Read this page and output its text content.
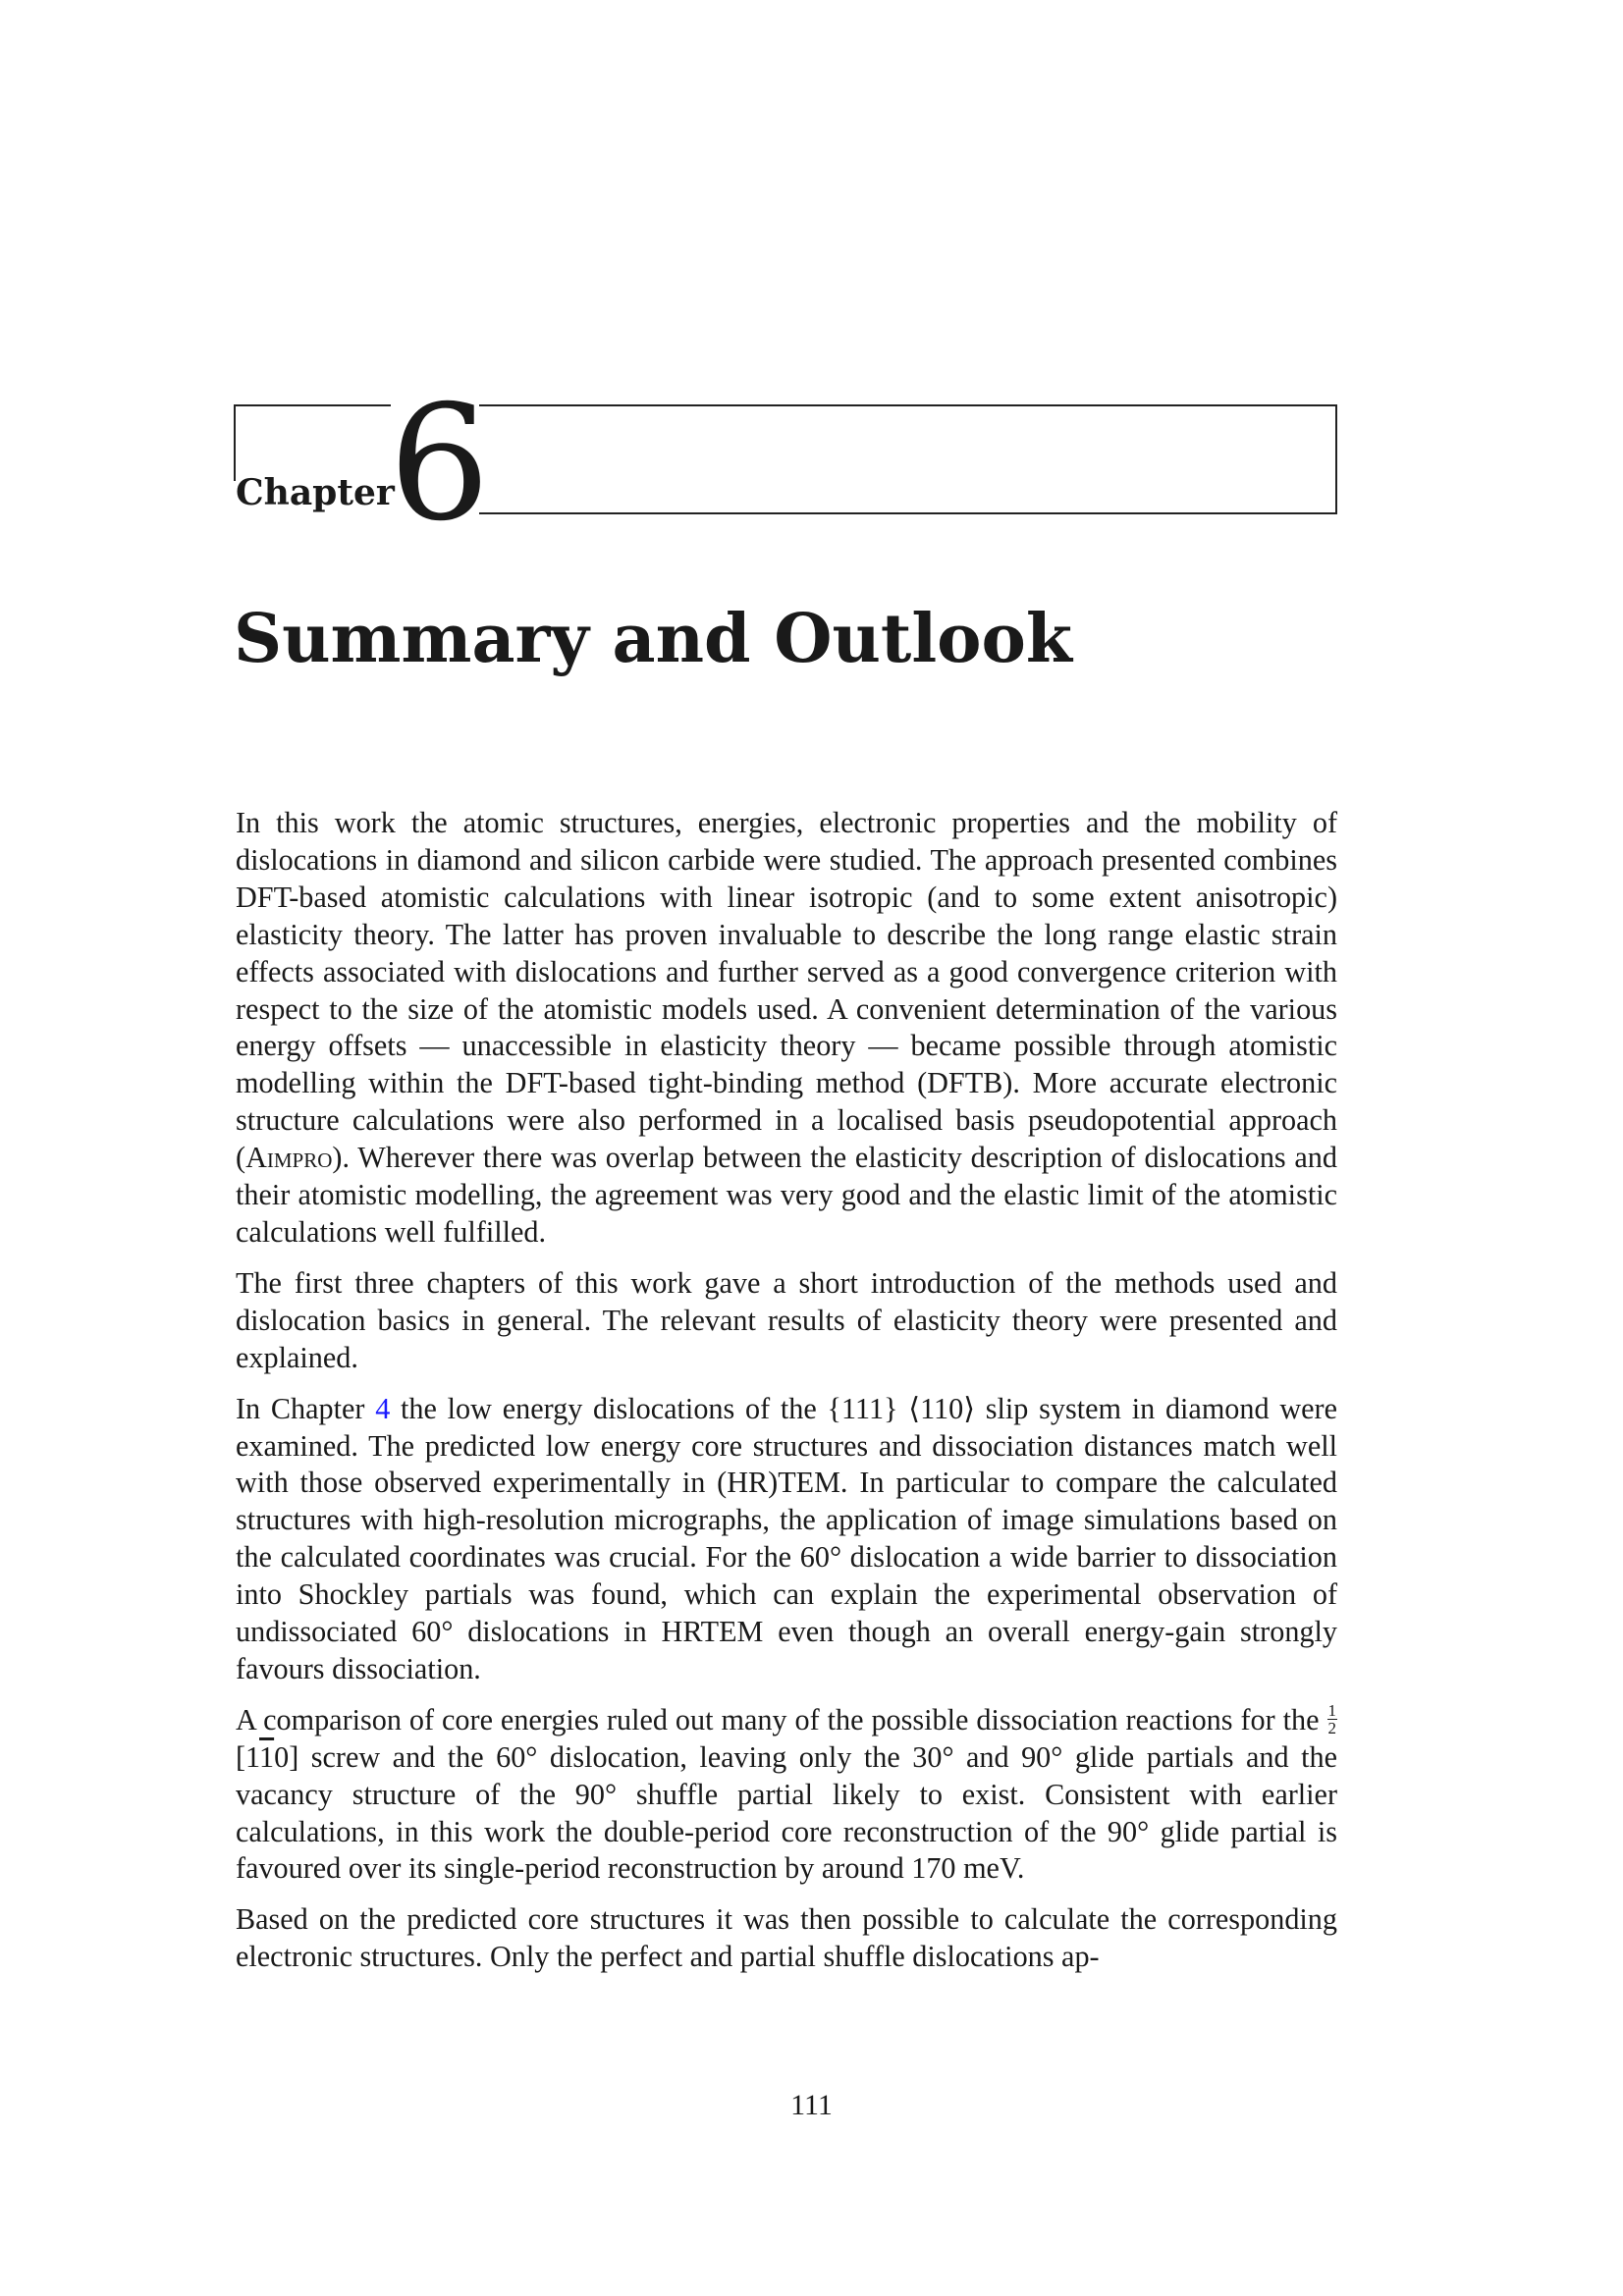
Chapter
6
Summary and Outlook

In this work the atomic structures, energies, electronic properties and the mobility of dislocations in diamond and silicon carbide were studied. The approach presented combines DFT-based atomistic calculations with linear isotropic (and to some extent anisotropic) elasticity theory. The latter has proven invaluable to describe the long range elastic strain effects associated with dislocations and further served as a good convergence criterion with respect to the size of the atomistic models used. A convenient determination of the various energy offsets — unaccessible in elasticity theory — became possible through atomistic modelling within the DFT-based tight-binding method (DFTB). More accurate electronic structure calculations were also performed in a localised basis pseudopotential approach (Aimpro). Wherever there was overlap between the elasticity description of dislocations and their atomistic modelling, the agreement was very good and the elastic limit of the atomistic calculations well fulfilled.

The first three chapters of this work gave a short introduction of the methods used and dislocation basics in general. The relevant results of elasticity theory were presented and explained.

In Chapter 4 the low energy dislocations of the {111} ⟨110⟩ slip system in diamond were examined. The predicted low energy core structures and dissociation distances match well with those observed experimentally in (HR)TEM. In particular to compare the calculated structures with high-resolution micrographs, the application of image simulations based on the calculated coordinates was crucial. For the 60° dislocation a wide barrier to dissociation into Shockley partials was found, which can explain the experimental observation of undissociated 60° dislocations in HRTEM even though an overall energy-gain strongly favours dissociation.

A comparison of core energies ruled out many of the possible dissociation reactions for the $\frac{1}{2}$
[110] screw and the 60° dislocation, leaving only the 30° and 90° glide partials and the vacancy structure of the 90° shuffle partial likely to exist. Consistent with earlier calculations, in this work the double-period core reconstruction of the 90° glide partial is favoured over its single-period reconstruction by around 170 meV.

Based on the predicted core structures it was then possible to calculate the corresponding electronic structures. Only the perfect and partial shuffle dislocations ap-

111
